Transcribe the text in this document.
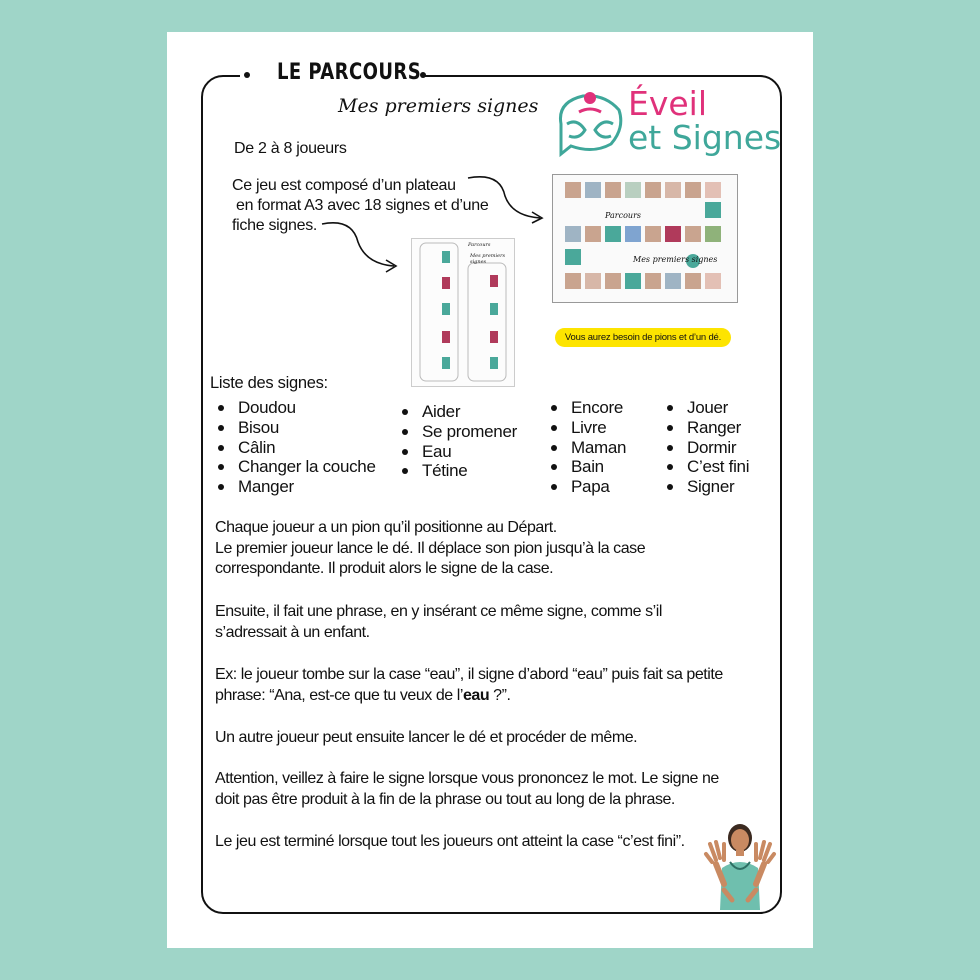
LE PARCOURS
Mes premiers signes	Éveil
et Signes
De 2 à 8 joueurs
Ce jeu est composé d’un plateau
en format A3 avec 18 signes et d’une
fiche signes.
Parcours
Mes premiers signes
Parcours
Mes premiers signes
Vous aurez besoin de pions et d’un dé.
Liste des signes:
Doudou
Bisou
Câlin
Changer la couche
Manger
Aider
Se promener
Eau
Tétine
Encore
Livre
Maman
Bain
Papa
Jouer
Ranger
Dormir
C’est fini
Signer
Chaque joueur a un pion qu’il positionne au Départ.
Le premier joueur lance le dé. Il déplace son pion jusqu’à la case
correspondante. Il produit alors le signe de la case.
Ensuite, il fait une phrase, en y insérant ce même signe, comme s’il
s’adressait à un enfant.
Ex: le joueur tombe sur la case “eau”, il signe d’abord “eau” puis fait sa petite
phrase: “Ana, est-ce que tu veux de l’eau ?”.
Un autre joueur peut ensuite lancer le dé et procéder de même.
Attention, veillez à faire le signe lorsque vous prononcez le mot. Le signe ne
doit pas être produit à la fin de la phrase ou tout au long de la phrase.
Le jeu est terminé lorsque tout les joueurs ont atteint la case “c’est fini”.
